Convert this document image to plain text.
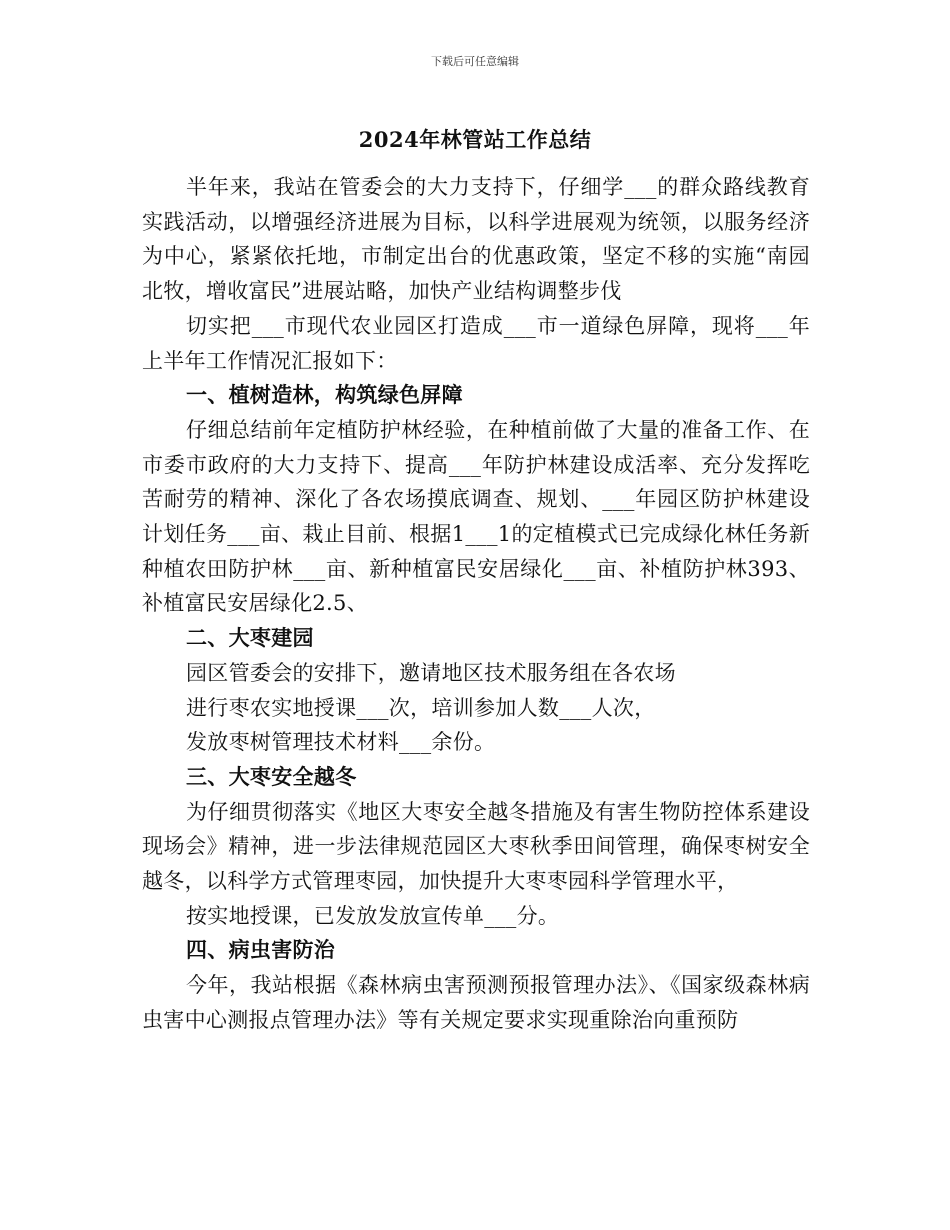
下载后可任意编辑
2024年林管站工作总结

半年来，我站在管委会的大力支持下，仔细学___的群众路线教育实践活动，以增强经济进展为目标，以科学进展观为统领，以服务经济为中心，紧紧依托地，市制定出台的优惠政策，坚定不移的实施“南园北牧，增收富民”进展站略，加快产业结构调整步伐

切实把___市现代农业园区打造成___市一道绿色屏障，现将___年上半年工作情况汇报如下：

一、植树造林，构筑绿色屏障

仔细总结前年定植防护林经验，在种植前做了大量的准备工作、在市委市政府的大力支持下、提高___年防护林建设成活率、充分发挥吃苦耐劳的精神、深化了各农场摸底调查、规划、___年园区防护林建设计划任务___亩、栽止目前、根据1___1的定植模式已完成绿化林任务新种植农田防护林___亩、新种植富民安居绿化___亩、补植防护林393、补植富民安居绿化2.5、

二、大枣建园

园区管委会的安排下，邀请地区技术服务组在各农场

进行枣农实地授课___次，培训参加人数___人次，

发放枣树管理技术材料___余份。

三、大枣安全越冬

为仔细贯彻落实《地区大枣安全越冬措施及有害生物防控体系建设现场会》精神，进一步法律规范园区大枣秋季田间管理，确保枣树安全越冬，以科学方式管理枣园，加快提升大枣枣园科学管理水平，

按实地授课，已发放发放宣传单___分。

四、病虫害防治

今年，我站根据《森林病虫害预测预报管理办法》、《国家级森林病虫害中心测报点管理办法》等有关规定要求实现重除治向重预防
